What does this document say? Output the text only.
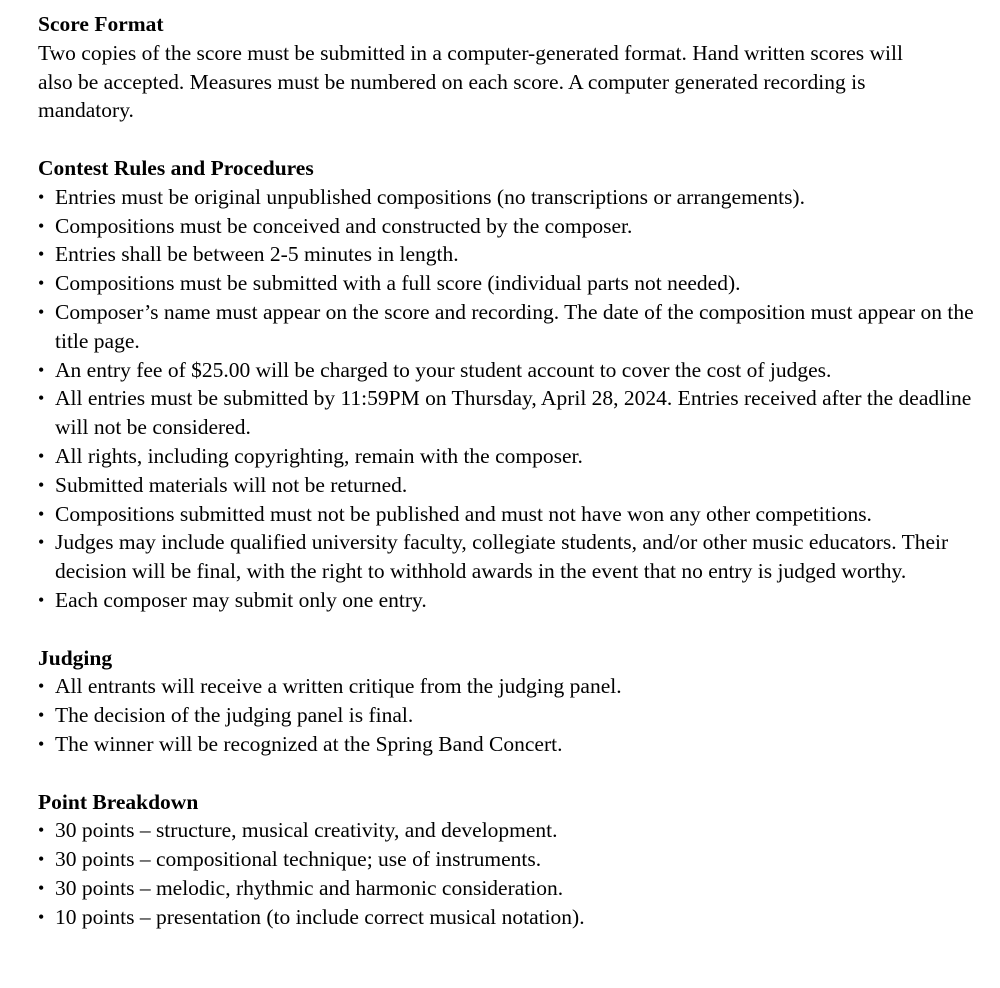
Score Format

Two copies of the score must be submitted in a computer-generated format. Hand written scores will also be accepted. Measures must be numbered on each score. A computer generated recording is mandatory.

Contest Rules and Procedures

• Entries must be original unpublished compositions (no transcriptions or arrangements).
• Compositions must be conceived and constructed by the composer.
• Entries shall be between 2-5 minutes in length.
• Compositions must be submitted with a full score (individual parts not needed).
• Composer’s name must appear on the score and recording. The date of the composition must appear on the title page.
• An entry fee of $25.00 will be charged to your student account to cover the cost of judges.
• All entries must be submitted by 11:59PM on Thursday, April 28, 2024. Entries received after the deadline will not be considered.
• All rights, including copyrighting, remain with the composer.
• Submitted materials will not be returned.
• Compositions submitted must not be published and must not have won any other competitions.
• Judges may include qualified university faculty, collegiate students, and/or other music educators. Their decision will be final, with the right to withhold awards in the event that no entry is judged worthy.
• Each composer may submit only one entry.

Judging

• All entrants will receive a written critique from the judging panel.
• The decision of the judging panel is final.
• The winner will be recognized at the Spring Band Concert.

Point Breakdown

• 30 points – structure, musical creativity, and development.
• 30 points – compositional technique; use of instruments.
• 30 points – melodic, rhythmic and harmonic consideration.
• 10 points – presentation (to include correct musical notation).
